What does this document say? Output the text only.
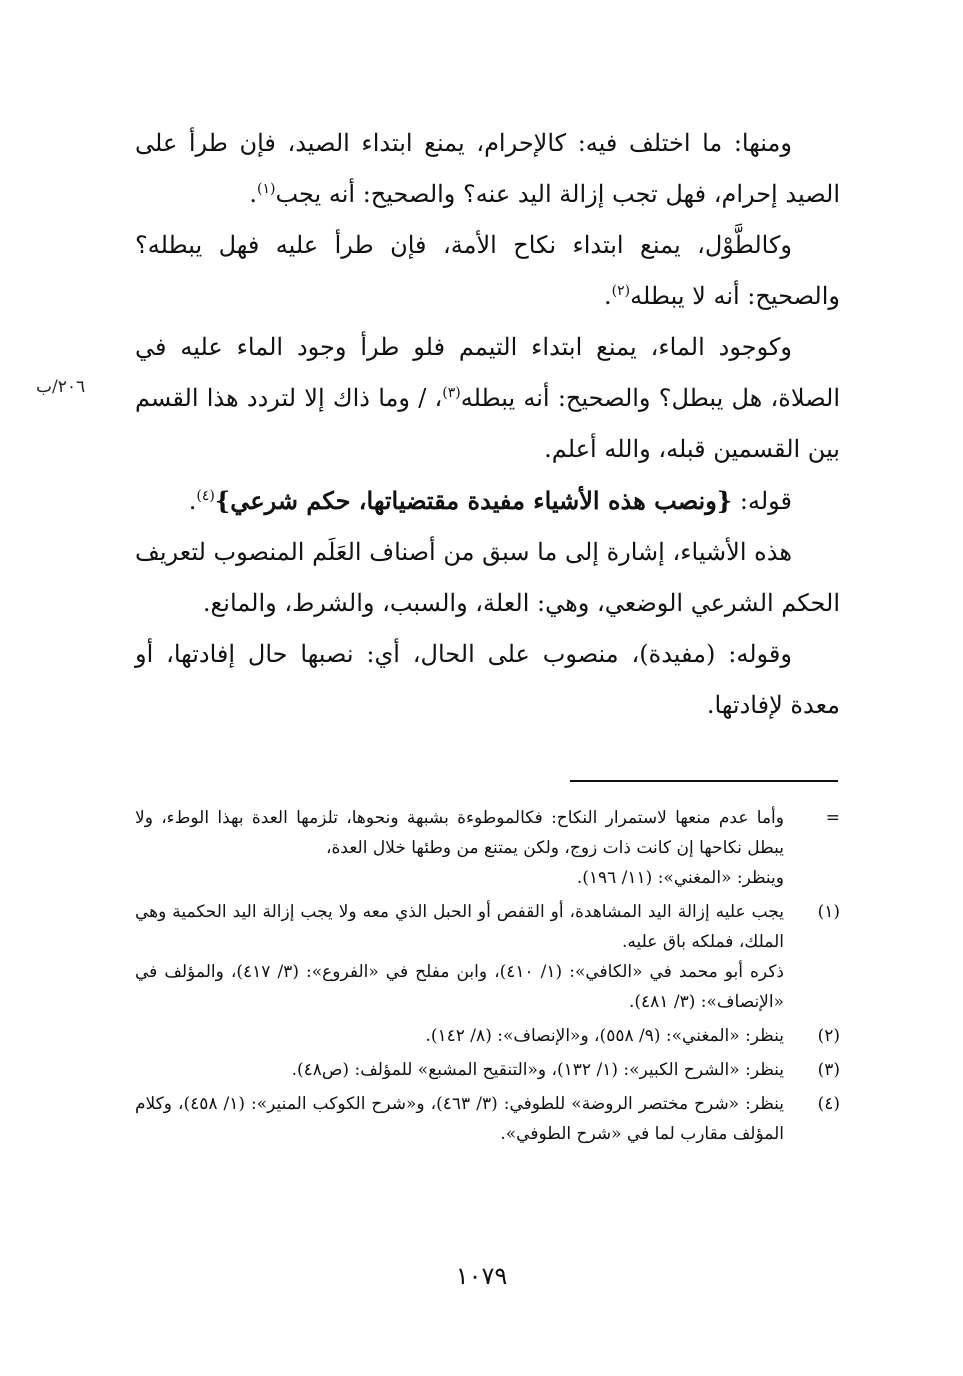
ومنها: ما اختلف فيه: كالإحرام، يمنع ابتداء الصيد، فإن طرأ على الصيد إحرام، فهل تجب إزالة اليد عنه؟ والصحيح: أنه يجب$^{(١)}$.

وكالطَّوْل، يمنع ابتداء نكاح الأمة، فإن طرأ عليه فهل يبطله؟ والصحيح: أنه لا يبطله$^{(٢)}$.

وكوجود الماء، يمنع ابتداء التيمم فلو طرأ وجود الماء عليه في الصلاة، هل يبطل؟ والصحيح: أنه يبطله$^{(٣)}$، / وما ذاك إلا لتردد هذا القسم بين القسمين قبله، والله أعلم.

قوله: {ونصب هذه الأشياء مفيدة مقتضياتها، حكم شرعي}$^{(٤)}$.

هذه الأشياء، إشارة إلى ما سبق من أصناف العَلَم المنصوب لتعريف الحكم الشرعي الوضعي، وهي: العلة، والسبب، والشرط، والمانع.

وقوله: (مفيدة)، منصوب على الحال، أي: نصبها حال إفادتها، أو معدة لإفادتها.

٢٠٦/ب
=

وأما عدم منعها لاستمرار النكاح: فكالموطوءة بشبهة ونحوها، تلزمها العدة بهذا الوطء، ولا يبطل نكاحها إن كانت ذات زوج، ولكن يمتنع من وطئها خلال العدة،

وينظر: «المغني»: (١١/ ١٩٦).

(١)

يجب عليه إزالة اليد المشاهدة، أو القفص أو الحبل الذي معه ولا يجب إزالة اليد الحكمية وهي الملك، فملكه باق عليه.

ذكره أبو محمد في «الكافي»: (١/ ٤١٠)، وابن مفلح في «الفروع»: (٣/ ٤١٧)، والمؤلف في «الإنصاف»: (٣/ ٤٨١).

(٢)
ينظر: «المغني»: (٩/ ٥٥٨)، و«الإنصاف»: (٨/ ١٤٢).
(٣)
ينظر: «الشرح الكبير»: (١/ ١٣٢)، و«التنقيح المشبع» للمؤلف: (ص٤٨).
(٤)
ينظر: «شرح مختصر الروضة» للطوفي: (٣/ ٤٦٣)، و«شرح الكوكب المنير»: (١/ ٤٥٨)، وكلام المؤلف مقارب لما في «شرح الطوفي».
١٠٧٩
